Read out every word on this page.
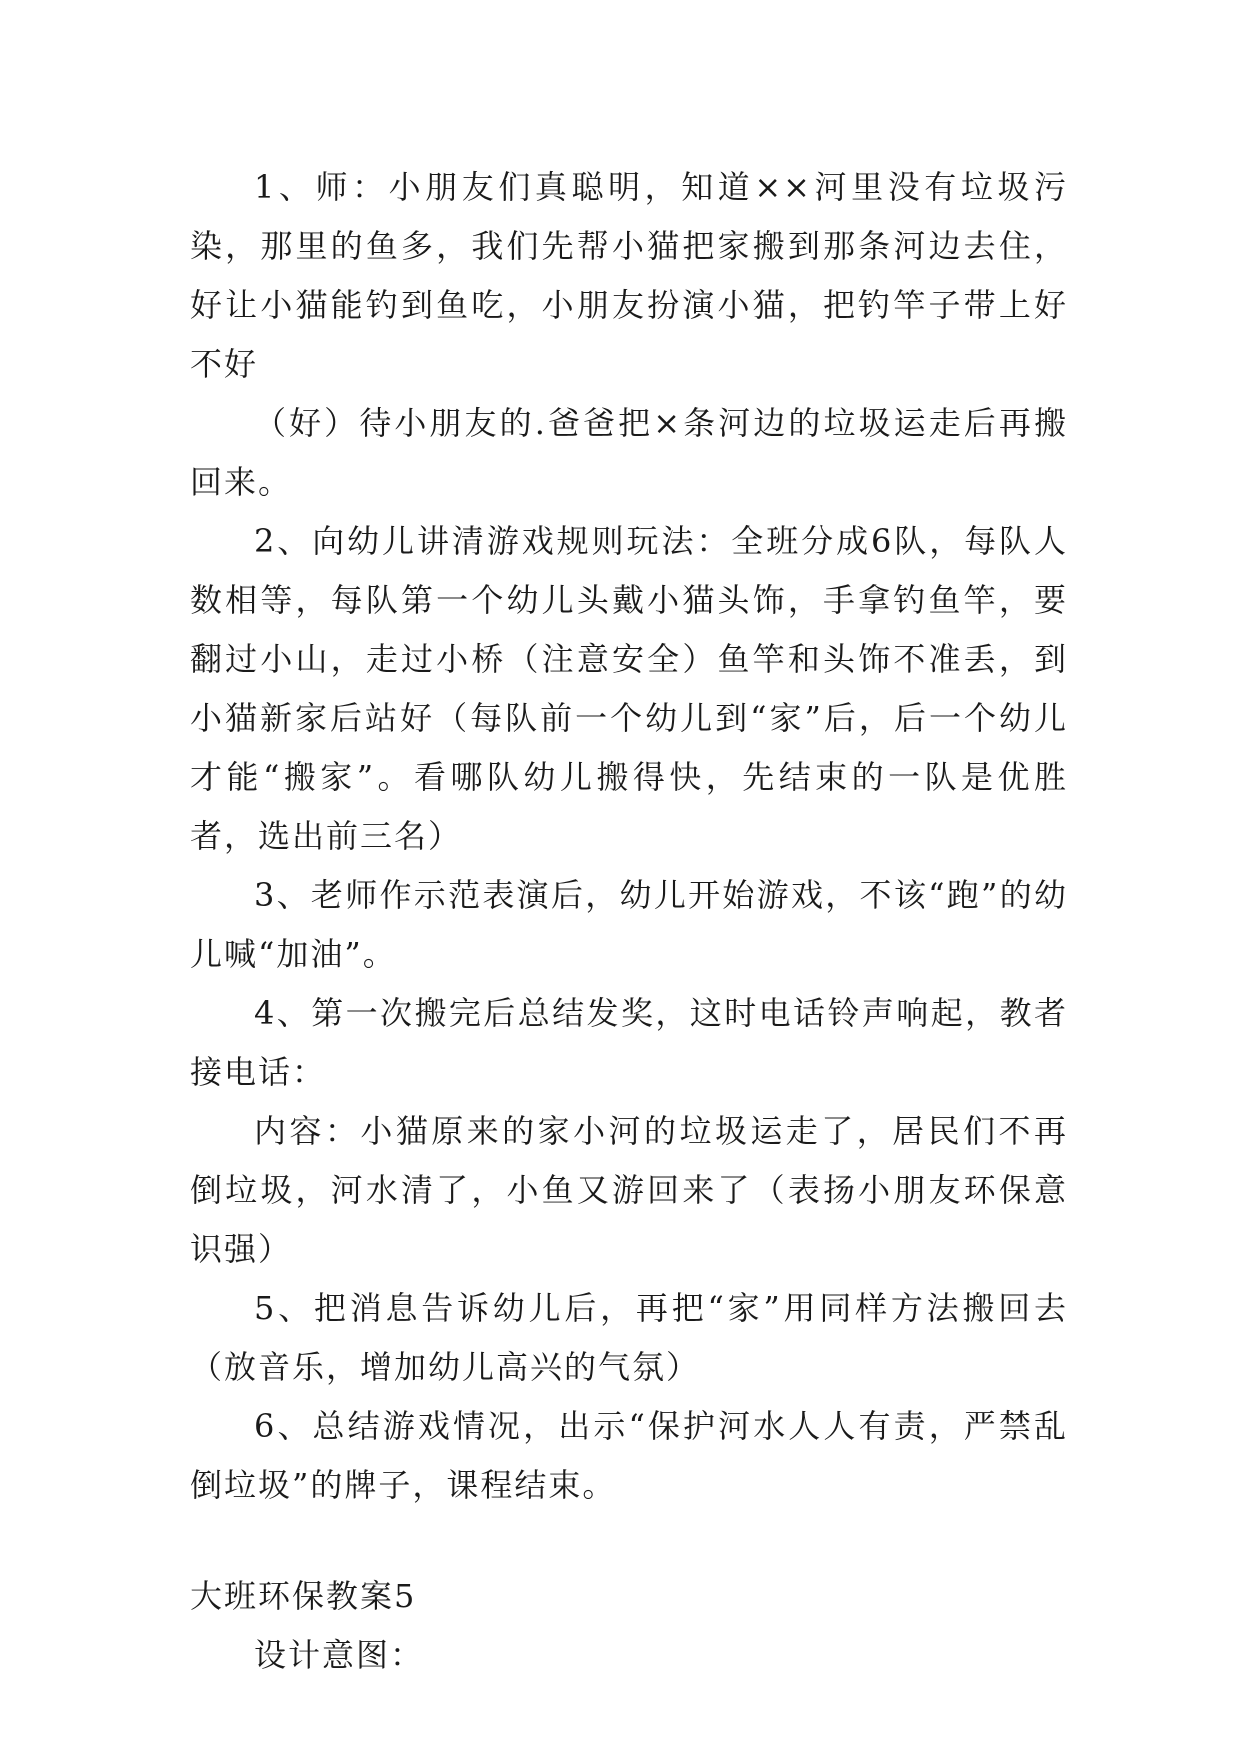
1、师：小朋友们真聪明，知道××河里没有垃圾污染，那里的鱼多，我们先帮小猫把家搬到那条河边去住，好让小猫能钓到鱼吃，小朋友扮演小猫，把钓竿子带上好不好

（好）待小朋友的.爸爸把×条河边的垃圾运走后再搬回来。

2、向幼儿讲清游戏规则玩法：全班分成6队，每队人数相等，每队第一个幼儿头戴小猫头饰，手拿钓鱼竿，要翻过小山，走过小桥（注意安全）鱼竿和头饰不准丢，到小猫新家后站好（每队前一个幼儿到“家”后，后一个幼儿才能“搬家”。看哪队幼儿搬得快，先结束的一队是优胜者，选出前三名）

3、老师作示范表演后，幼儿开始游戏，不该“跑”的幼儿喊“加油”。

4、第一次搬完后总结发奖，这时电话铃声响起，教者接电话：

内容：小猫原来的家小河的垃圾运走了，居民们不再倒垃圾，河水清了，小鱼又游回来了（表扬小朋友环保意识强）

5、把消息告诉幼儿后，再把“家”用同样方法搬回去（放音乐，增加幼儿高兴的气氛）

6、总结游戏情况，出示“保护河水人人有责，严禁乱倒垃圾”的牌子，课程结束。

大班环保教案5

设计意图：
